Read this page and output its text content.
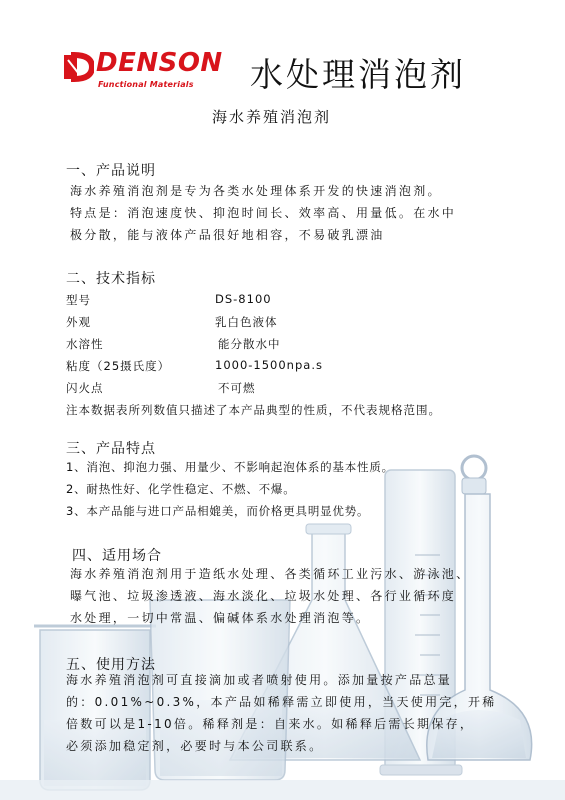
DENSON
Functional Materials 水处理消泡剂
海水养殖消泡剂
一、产品说明
海水养殖消泡剂是专为各类水处理体系开发的快速消泡剂。
特点是：消泡速度快、抑泡时间长、效率高、用量低。在水中
极分散，能与液体产品很好地相容，不易破乳漂油
二、技术指标
型号	DS-8100
外观	乳白色液体
水溶性	能分散水中
粘度（25摄氏度）	1000-1500npa.s
闪火点	不可燃
注本数据表所列数值只描述了本产品典型的性质，不代表规格范围。
三、产品特点
1、消泡、抑泡力强、用量少、不影响起泡体系的基本性质。
2、耐热性好、化学性稳定、不燃、不爆。
3、本产品能与进口产品相媲美，而价格更具明显优势。
四、适用场合
海水养殖消泡剂用于造纸水处理、各类循环工业污水、游泳池、
曝气池、垃圾渗透液、海水淡化、垃圾水处理、各行业循环度
水处理，一切中常温、偏碱体系水处理消泡等。
五、使用方法
海水养殖消泡剂可直接滴加或者喷射使用。添加量按产品总量
的：0.01%~0.3%，本产品如稀释需立即使用，当天使用完，开稀
倍数可以是1-10倍。稀释剂是：自来水。如稀释后需长期保存，
必须添加稳定剂，必要时与本公司联系。
